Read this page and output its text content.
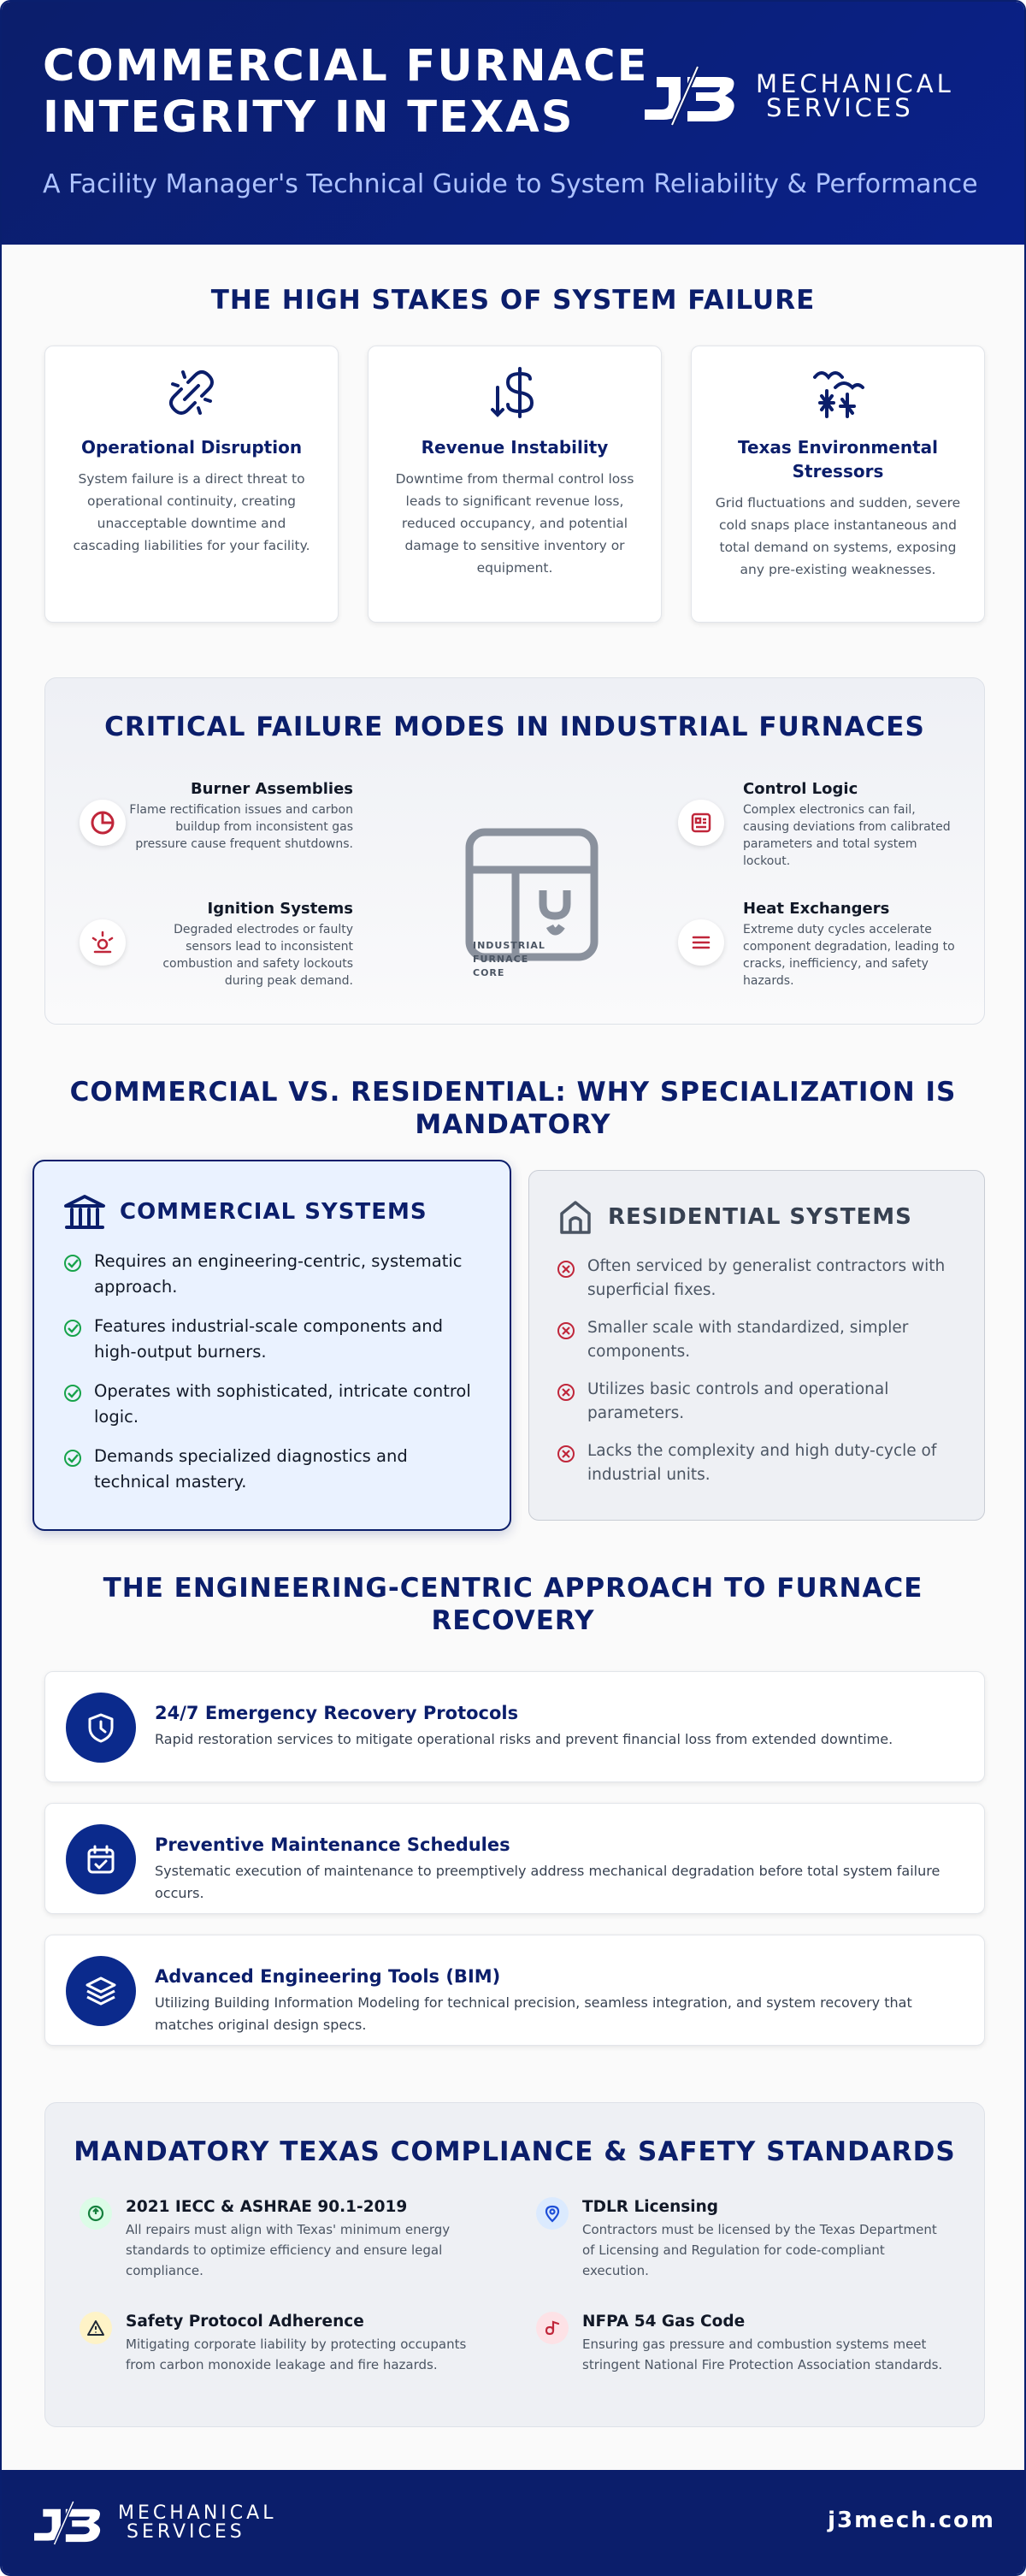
COMMERCIAL FURNACE INTEGRITY IN TEXAS
MECHANICAL
SERVICES
A Facility Manager's Technical Guide to System Reliability & Performance
THE HIGH STAKES OF SYSTEM FAILURE
Operational Disruption

System failure is a direct threat to operational continuity, creating unacceptable downtime and cascading liabilities for your facility.

Revenue Instability

Downtime from thermal control loss leads to significant revenue loss, reduced occupancy, and potential damage to sensitive inventory or equipment.

Texas Environmental Stressors

Grid fluctuations and sudden, severe cold snaps place instantaneous and total demand on systems, exposing any pre-existing weaknesses.

CRITICAL FAILURE MODES IN INDUSTRIAL FURNACES
Burner Assemblies

Flame rectification issues and carbon buildup from inconsistent gas pressure cause frequent shutdowns.

Ignition Systems

Degraded electrodes or faulty sensors lead to inconsistent combustion and safety lockouts during peak demand.

INDUSTRIAL
FURNACE
CORE
Control Logic

Complex electronics can fail, causing deviations from calibrated parameters and total system lockout.

Heat Exchangers

Extreme duty cycles accelerate component degradation, leading to cracks, inefficiency, and safety hazards.

COMMERCIAL VS. RESIDENTIAL: WHY SPECIALIZATION IS MANDATORY
COMMERCIAL SYSTEMS
Requires an engineering-centric, systematic approach.
Features industrial-scale components and high-output burners.
Operates with sophisticated, intricate control logic.
Demands specialized diagnostics and technical mastery.
RESIDENTIAL SYSTEMS
Often serviced by generalist contractors with superficial fixes.
Smaller scale with standardized, simpler components.
Utilizes basic controls and operational parameters.
Lacks the complexity and high duty-cycle of industrial units.
THE ENGINEERING-CENTRIC APPROACH TO FURNACE RECOVERY
24/7 Emergency Recovery Protocols

Rapid restoration services to mitigate operational risks and prevent financial loss from extended downtime.

Preventive Maintenance Schedules

Systematic execution of maintenance to preemptively address mechanical degradation before total system failure occurs.

Advanced Engineering Tools (BIM)

Utilizing Building Information Modeling for technical precision, seamless integration, and system recovery that matches original design specs.

MANDATORY TEXAS COMPLIANCE & SAFETY STANDARDS
2021 IECC & ASHRAE 90.1-2019

All repairs must align with Texas' minimum energy standards to optimize efficiency and ensure legal compliance.

TDLR Licensing

Contractors must be licensed by the Texas Department of Licensing and Regulation for code-compliant execution.

Safety Protocol Adherence

Mitigating corporate liability by protecting occupants from carbon monoxide leakage and fire hazards.

NFPA 54 Gas Code

Ensuring gas pressure and combustion systems meet stringent National Fire Protection Association standards.

MECHANICAL
SERVICES	j3mech.com
